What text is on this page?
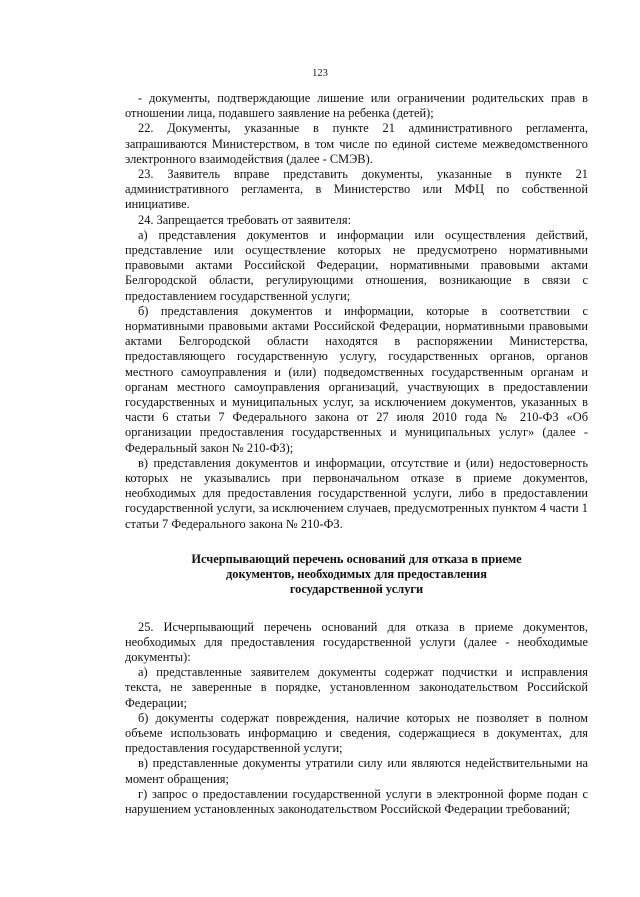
123

- документы, подтверждающие лишение или ограничении родительских прав в отношении лица, подавшего заявление на ребенка (детей);

22. Документы, указанные в пункте 21 административного регламента, запрашиваются Министерством, в том числе по единой системе межведомственного электронного взаимодействия (далее - СМЭВ).

23. Заявитель вправе представить документы, указанные в пункте 21 административного регламента, в Министерство или МФЦ по собственной инициативе.

24. Запрещается требовать от заявителя:

а) представления документов и информации или осуществления действий, представление или осуществление которых не предусмотрено нормативными правовыми актами Российской Федерации, нормативными правовыми актами Белгородской области, регулирующими отношения, возникающие в связи с предоставлением государственной услуги;

б) представления документов и информации, которые в соответствии с нормативными правовыми актами Российской Федерации, нормативными правовыми актами Белгородской области находятся в распоряжении Министерства, предоставляющего государственную услугу, государственных органов, органов местного самоуправления и (или) подведомственных государственным органам и органам местного самоуправления организаций, участвующих в предоставлении государственных и муниципальных услуг, за исключением документов, указанных в части 6 статьи 7 Федерального закона от 27 июля 2010 года № 210-ФЗ «Об организации предоставления государственных и муниципальных услуг» (далее - Федеральный закон № 210-ФЗ);

в) представления документов и информации, отсутствие и (или) недостоверность которых не указывались при первоначальном отказе в приеме документов, необходимых для предоставления государственной услуги, либо в предоставлении государственной услуги, за исключением случаев, предусмотренных пунктом 4 части 1 статьи 7 Федерального закона № 210-ФЗ.

Исчерпывающий перечень оснований для отказа в приеме
документов, необходимых для предоставления
государственной услуги

25. Исчерпывающий перечень оснований для отказа в приеме документов, необходимых для предоставления государственной услуги (далее - необходимые документы):

а) представленные заявителем документы содержат подчистки и исправления текста, не заверенные в порядке, установленном законодательством Российской Федерации;

б) документы содержат повреждения, наличие которых не позволяет в полном объеме использовать информацию и сведения, содержащиеся в документах, для предоставления государственной услуги;

в) представленные документы утратили силу или являются недействительными на момент обращения;

г) запрос о предоставлении государственной услуги в электронной форме подан с нарушением установленных законодательством Российской Федерации требований;
